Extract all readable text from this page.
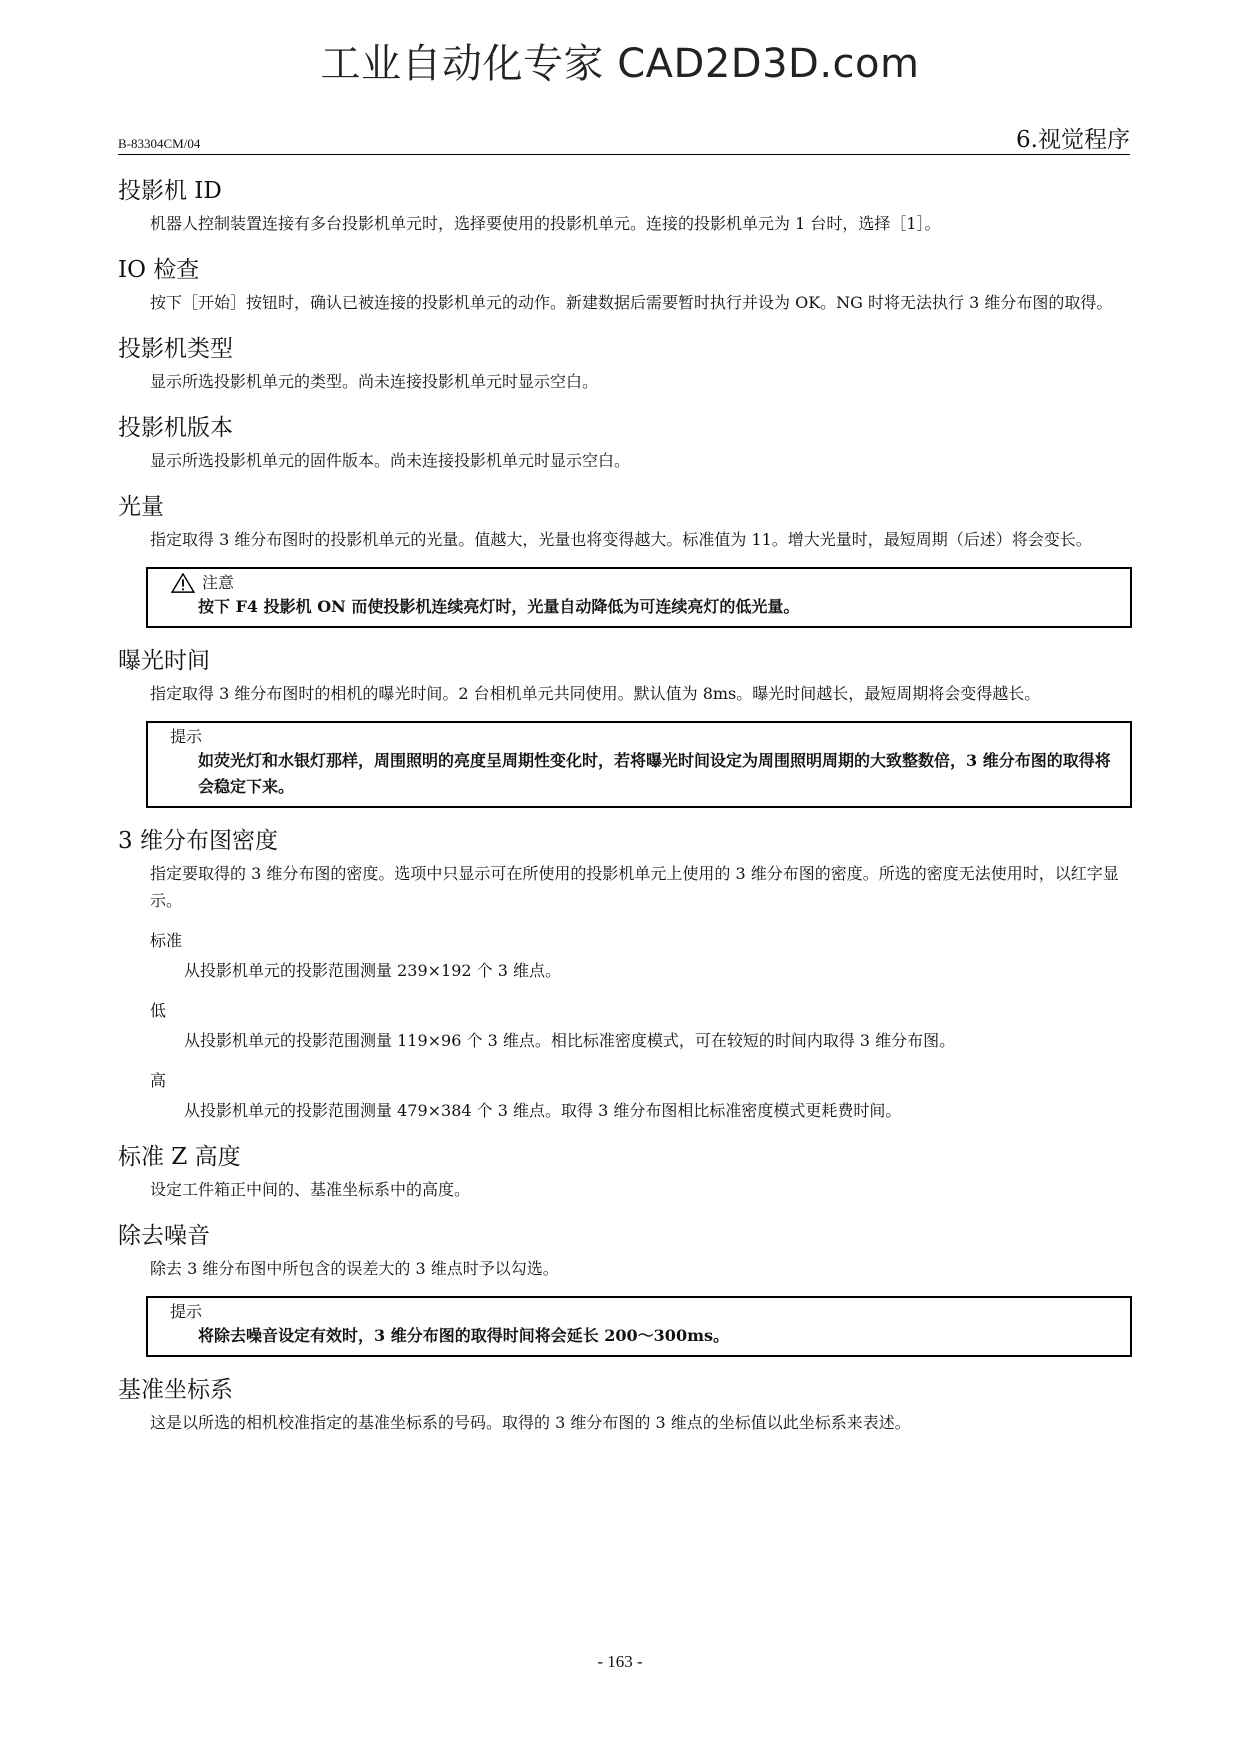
工业自动化专家 CAD2D3D.com
B-83304CM/04	6.视觉程序
投影机 ID

机器人控制装置连接有多台投影机单元时，选择要使用的投影机单元。连接的投影机单元为 1 台时，选择［1］。

IO 检查

按下［开始］按钮时，确认已被连接的投影机单元的动作。新建数据后需要暂时执行并设为 OK。NG 时将无法执行 3 维分布图的取得。

投影机类型

显示所选投影机单元的类型。尚未连接投影机单元时显示空白。

投影机版本

显示所选投影机单元的固件版本。尚未连接投影机单元时显示空白。

光量

指定取得 3 维分布图时的投影机单元的光量。值越大，光量也将变得越大。标准值为 11。增大光量时，最短周期（后述）将会变长。

注意
按下 F4 投影机 ON 而使投影机连续亮灯时，光量自动降低为可连续亮灯的低光量。
曝光时间

指定取得 3 维分布图时的相机的曝光时间。2 台相机单元共同使用。默认值为 8ms。曝光时间越长，最短周期将会变得越长。

提示
如荧光灯和水银灯那样，周围照明的亮度呈周期性变化时，若将曝光时间设定为周围照明周期的大致整数倍，3 维分布图的取得将会稳定下来。
3 维分布图密度

指定要取得的 3 维分布图的密度。选项中只显示可在所使用的投影机单元上使用的 3 维分布图的密度。所选的密度无法使用时，以红字显示。

标准

从投影机单元的投影范围测量 239×192 个 3 维点。

低

从投影机单元的投影范围测量 119×96 个 3 维点。相比标准密度模式，可在较短的时间内取得 3 维分布图。

高

从投影机单元的投影范围测量 479×384 个 3 维点。取得 3 维分布图相比标准密度模式更耗费时间。

标准 Z 高度

设定工件箱正中间的、基准坐标系中的高度。

除去噪音

除去 3 维分布图中所包含的误差大的 3 维点时予以勾选。

提示
将除去噪音设定有效时，3 维分布图的取得时间将会延长 200～300ms。
基准坐标系

这是以所选的相机校准指定的基准坐标系的号码。取得的 3 维分布图的 3 维点的坐标值以此坐标系来表述。

- 163 -
